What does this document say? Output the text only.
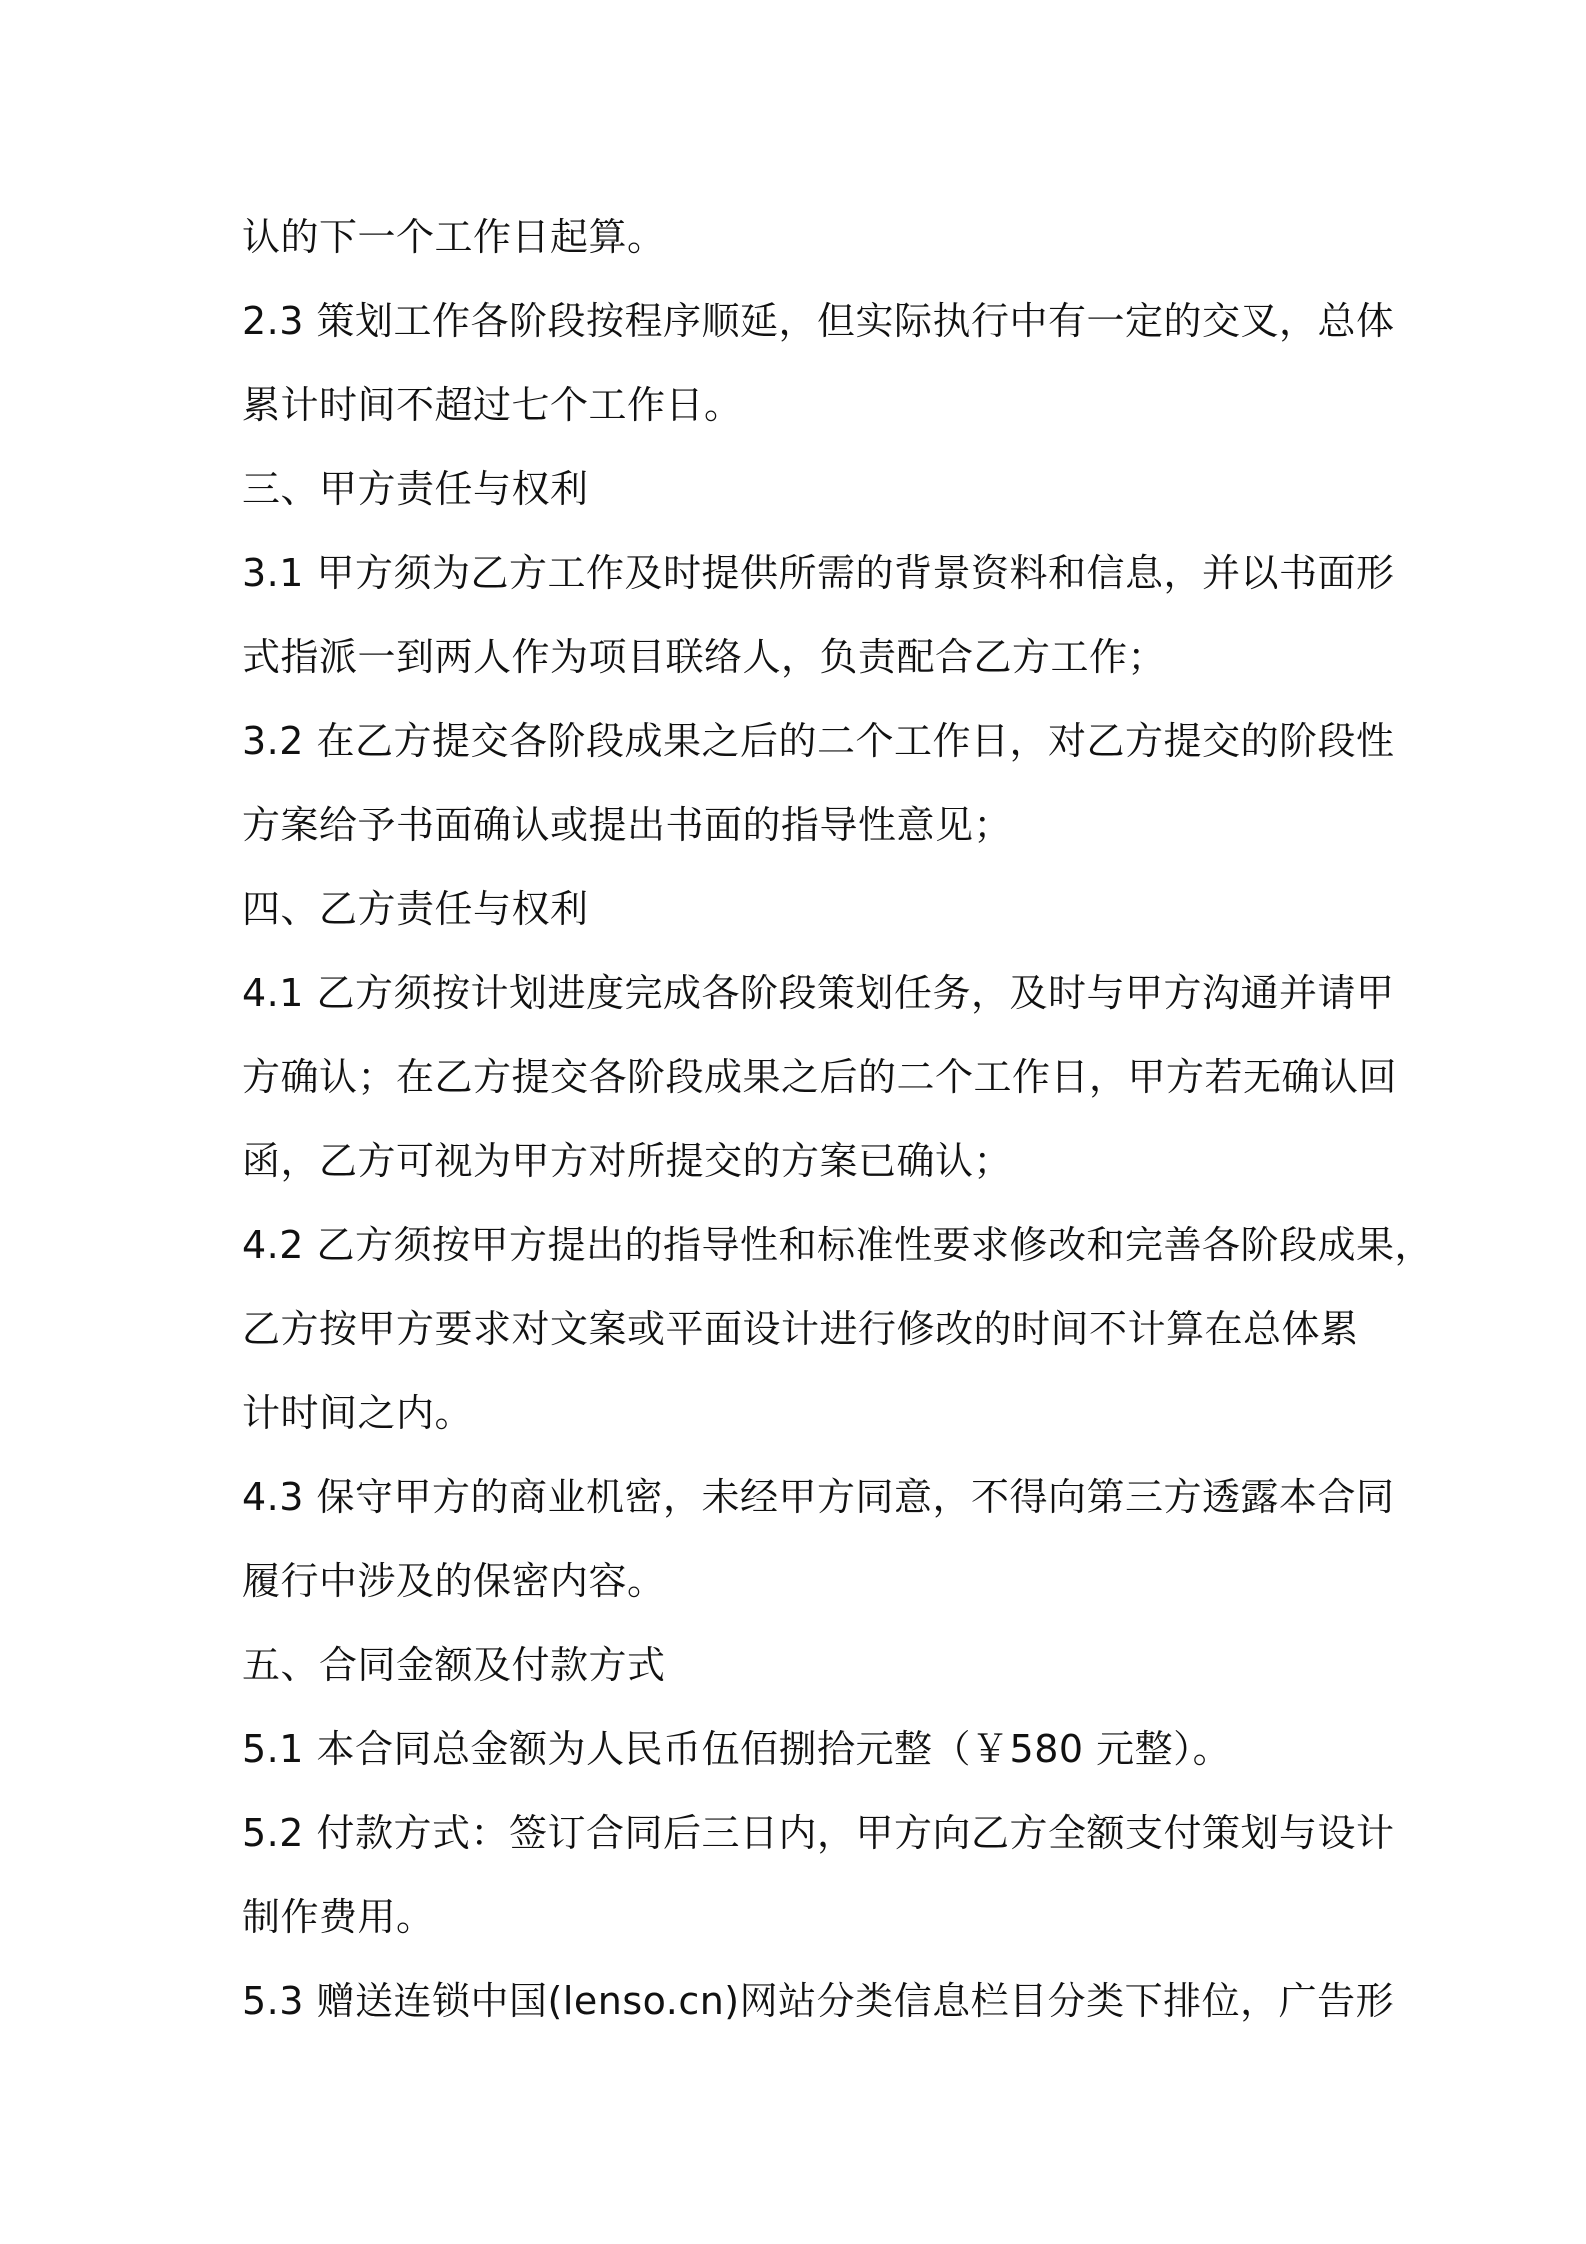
认的下一个工作日起算。
2.3 策划工作各阶段按程序顺延，但实际执行中有一定的交叉，总体
累计时间不超过七个工作日。
三、甲方责任与权利
3.1 甲方须为乙方工作及时提供所需的背景资料和信息，并以书面形
式指派一到两人作为项目联络人，负责配合乙方工作；
3.2 在乙方提交各阶段成果之后的二个工作日，对乙方提交的阶段性
方案给予书面确认或提出书面的指导性意见；
四、乙方责任与权利
4.1 乙方须按计划进度完成各阶段策划任务，及时与甲方沟通并请甲
方确认；在乙方提交各阶段成果之后的二个工作日，甲方若无确认回
函，乙方可视为甲方对所提交的方案已确认；
4.2 乙方须按甲方提出的指导性和标准性要求修改和完善各阶段成果，
乙方按甲方要求对文案或平面设计进行修改的时间不计算在总体累
计时间之内。
4.3 保守甲方的商业机密，未经甲方同意，不得向第三方透露本合同
履行中涉及的保密内容。
五、合同金额及付款方式
5.1 本合同总金额为人民币伍佰捌拾元整（￥580 元整）。
5.2 付款方式：签订合同后三日内，甲方向乙方全额支付策划与设计
制作费用。
5.3 赠送连锁中国(lenso.cn)网站分类信息栏目分类下排位，广告形
